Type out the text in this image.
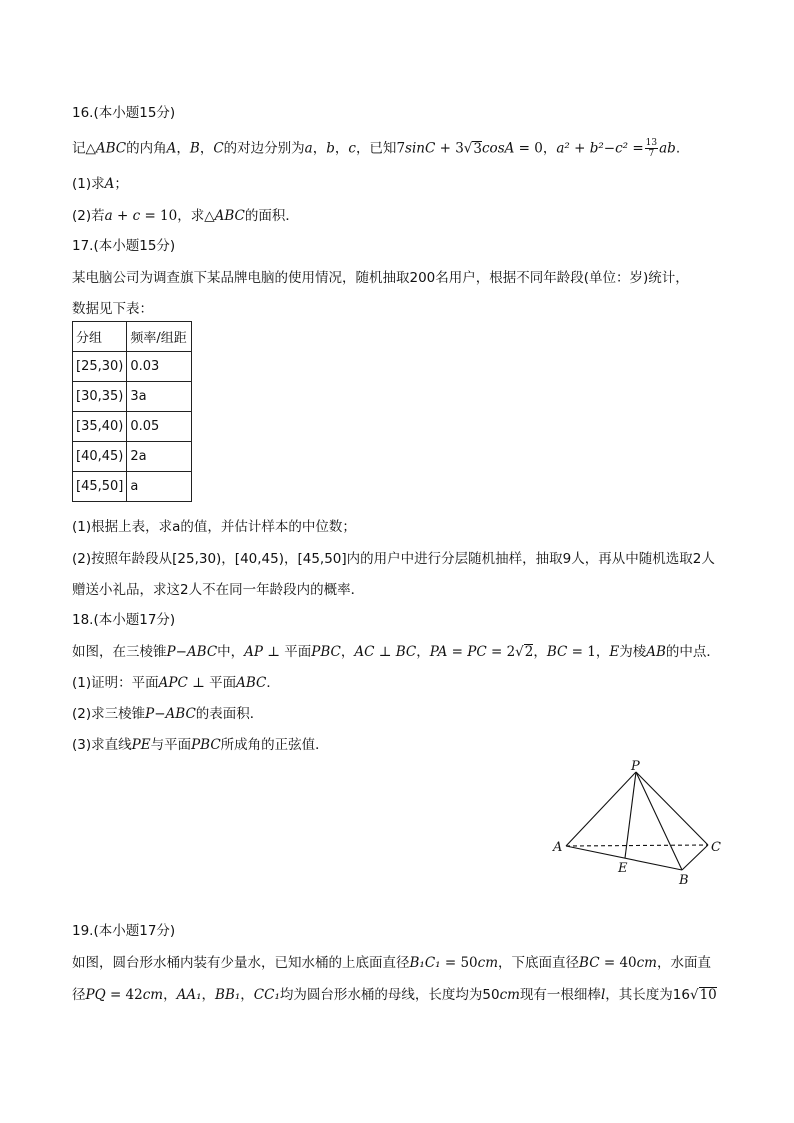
16.(本小题15分)
记△ABC的内角A，B，C的对边分别为a，b，c，已知7sinC + 3√3cosA = 0，$a^2 + b^2-c^2 = \frac{13}{7}$ ab.
(1)求A；
(2)若a + c = 10，求△ABC的面积．
17.(本小题15分)
某电脑公司为调查旗下某品牌电脑的使用情况，随机抽取200名用户，根据不同年龄段(单位：岁)统计，
数据见下表：
分组	频率/组距
[25,30)	0.03
[30,35)	3a
[35,40)	0.05
[40,45)	2a
[45,50]	a
(1)根据上表，求a的值，并估计样本的中位数；
(2)按照年龄段从[25,30)，[40,45)，[45,50]内的用户中进行分层随机抽样，抽取9人，再从中随机选取2人
赠送小礼品，求这2人不在同一年龄段内的概率．
18.(本小题17分)
如图，在三棱锥P−ABC中，AP ⊥ 平面PBC，AC ⊥ BC，PA = PC = 2√2，BC = 1，E为棱AB的中点．
(1)证明：平面APC ⊥ 平面ABC．
(2)求三棱锥P−ABC的表面积．
(3)求直线PE与平面PBC所成角的正弦值．
P
A	C
E
B
19.(本小题17分)
如图，圆台形水桶内装有少量水，已知水桶的上底面直径B₁C₁ = 50cm，下底面直径BC = 40cm，水面直
径PQ = 42cm，AA₁，BB₁，CC₁均为圆台形水桶的母线，长度均为50cm现有一根细棒l，其长度为16√10
